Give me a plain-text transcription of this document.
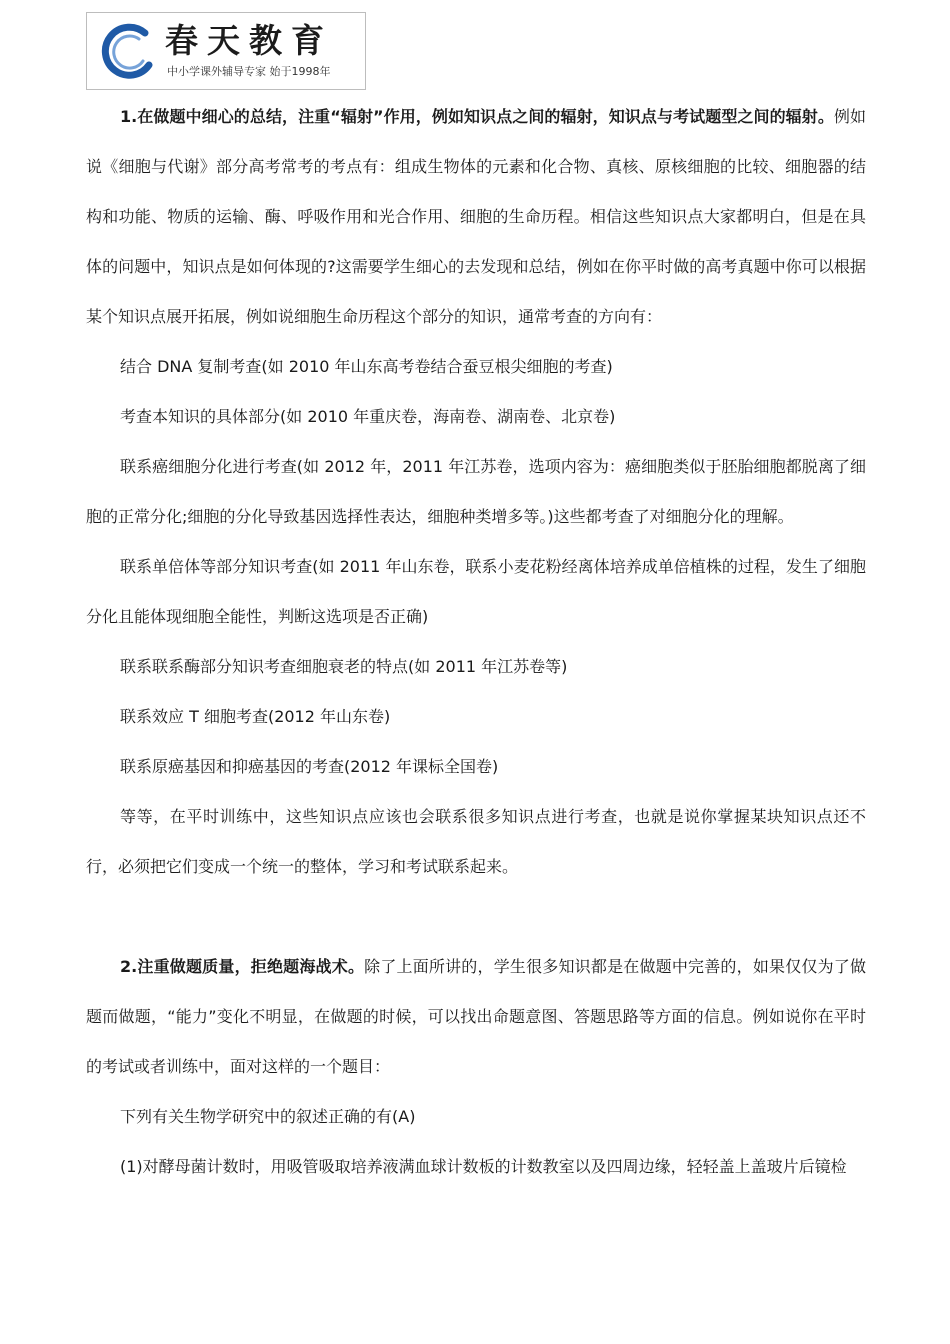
春天教育
中小学课外辅导专家 始于1998年

1.在做题中细心的总结，注重“辐射”作用，例如知识点之间的辐射，知识点与考试题型之间的辐射。例如说《细胞与代谢》部分高考常考的考点有：组成生物体的元素和化合物、真核、原核细胞的比较、细胞器的结构和功能、物质的运输、酶、呼吸作用和光合作用、细胞的生命历程。相信这些知识点大家都明白，但是在具体的问题中，知识点是如何体现的?这需要学生细心的去发现和总结，例如在你平时做的高考真题中你可以根据某个知识点展开拓展，例如说细胞生命历程这个部分的知识，通常考查的方向有：

结合 DNA 复制考查(如 2010 年山东高考卷结合蚕豆根尖细胞的考查)

考查本知识的具体部分(如 2010 年重庆卷，海南卷、湖南卷、北京卷)

联系癌细胞分化进行考查(如 2012 年，2011 年江苏卷，选项内容为：癌细胞类似于胚胎细胞都脱离了细胞的正常分化;细胞的分化导致基因选择性表达，细胞种类增多等。)这些都考查了对细胞分化的理解。

联系单倍体等部分知识考查(如 2011 年山东卷，联系小麦花粉经离体培养成单倍植株的过程，发生了细胞分化且能体现细胞全能性，判断这选项是否正确)

联系联系酶部分知识考查细胞衰老的特点(如 2011 年江苏卷等)

联系效应 T 细胞考查(2012 年山东卷)

联系原癌基因和抑癌基因的考查(2012 年课标全国卷)

等等，在平时训练中，这些知识点应该也会联系很多知识点进行考查，也就是说你掌握某块知识点还不行，必须把它们变成一个统一的整体，学习和考试联系起来。

2.注重做题质量，拒绝题海战术。除了上面所讲的，学生很多知识都是在做题中完善的，如果仅仅为了做题而做题，“能力”变化不明显，在做题的时候，可以找出命题意图、答题思路等方面的信息。例如说你在平时的考试或者训练中，面对这样的一个题目：

下列有关生物学研究中的叙述正确的有(A)

(1)对酵母菌计数时，用吸管吸取培养液满血球计数板的计数教室以及四周边缘，轻轻盖上盖玻片后镜检
